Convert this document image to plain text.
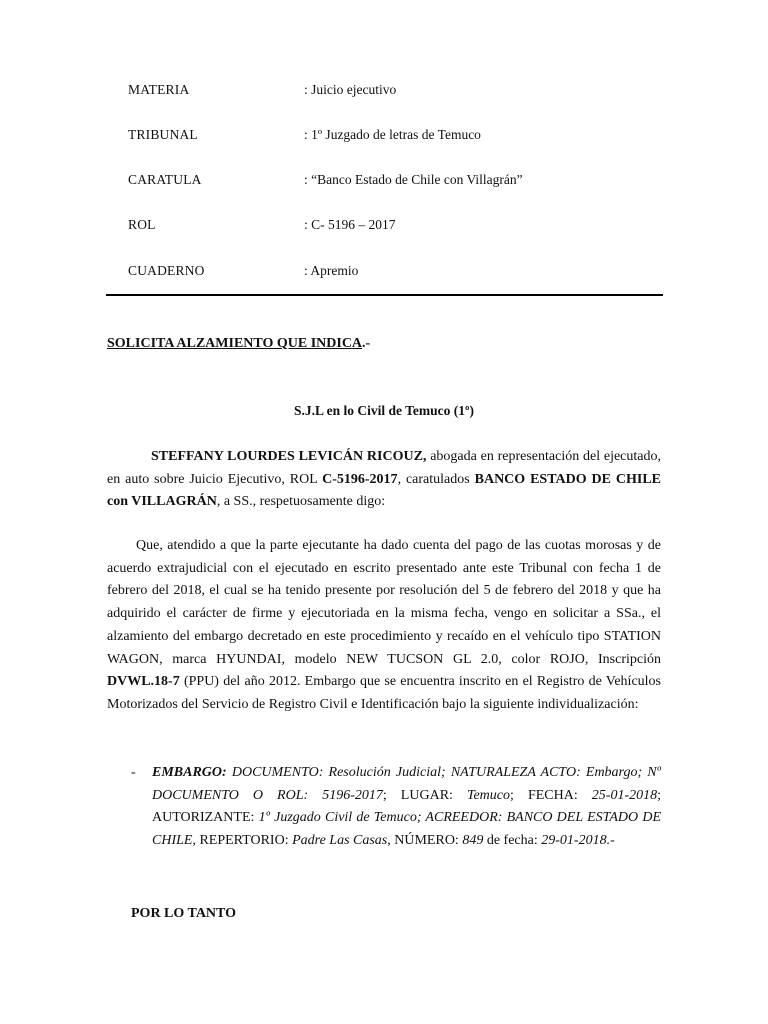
MATERIA	: Juicio ejecutivo
TRIBUNAL	: 1º Juzgado de letras de Temuco
CARATULA	: “Banco Estado de Chile con Villagrán”
ROL	: C- 5196 – 2017
CUADERNO	: Apremio
SOLICITA ALZAMIENTO QUE INDICA.-
S.J.L en lo Civil de Temuco (1º)
STEFFANY LOURDES LEVICÁN RICOUZ, abogada en representación del ejecutado, en auto sobre Juicio Ejecutivo, ROL C-5196-2017, caratulados BANCO ESTADO DE CHILE con VILLAGRÁN, a SS., respetuosamente digo:
Que, atendido a que la parte ejecutante ha dado cuenta del pago de las cuotas morosas y de acuerdo extrajudicial con el ejecutado en escrito presentado ante este Tribunal con fecha 1 de febrero del 2018, el cual se ha tenido presente por resolución del 5 de febrero del 2018 y que ha adquirido el carácter de firme y ejecutoriada en la misma fecha, vengo en solicitar a SSa., el alzamiento del embargo decretado en este procedimiento y recaído en el vehículo tipo STATION WAGON, marca HYUNDAI, modelo NEW TUCSON GL 2.0, color ROJO, Inscripción DVWL.18-7 (PPU) del año 2012. Embargo que se encuentra inscrito en el Registro de Vehículos Motorizados del Servicio de Registro Civil e Identificación bajo la siguiente individualización:
- EMBARGO: DOCUMENTO: Resolución Judicial; NATURALEZA ACTO: Embargo; Nº DOCUMENTO O ROL: 5196-2017; LUGAR: Temuco; FECHA: 25-01-2018; AUTORIZANTE: 1º Juzgado Civil de Temuco; ACREEDOR: BANCO DEL ESTADO DE CHILE, REPERTORIO: Padre Las Casas, NÚMERO: 849 de fecha: 29-01-2018.-
POR LO TANTO
